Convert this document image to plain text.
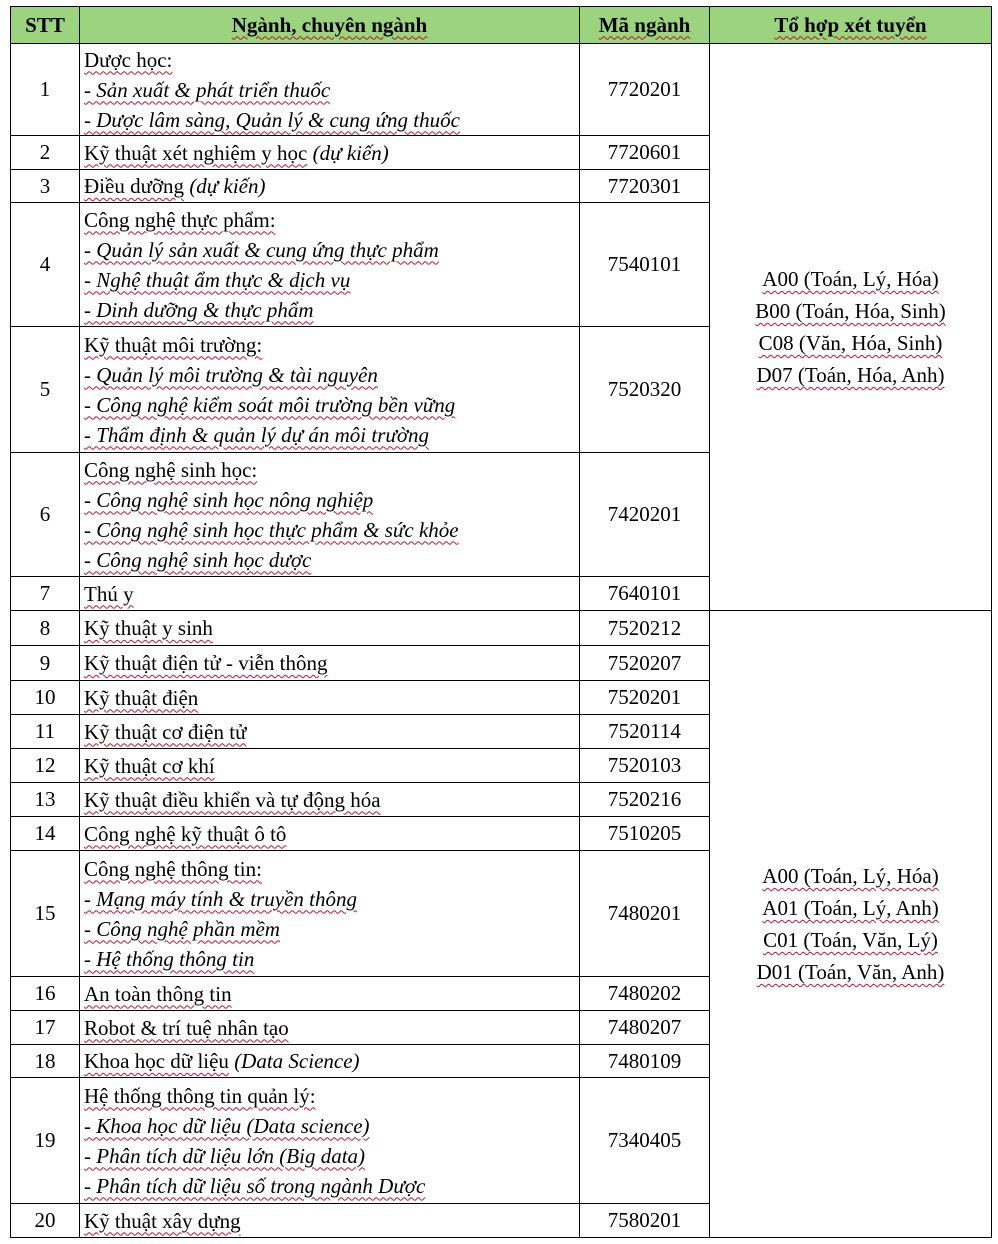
STT	Ngành, chuyên ngành	Mã ngành	Tổ hợp xét tuyển
1	Dược học:
- Sản xuất & phát triển thuốc
- Dược lâm sàng, Quản lý & cung ứng thuốc	7720201	A00 (Toán, Lý, Hóa)
B00 (Toán, Hóa, Sinh)
C08 (Văn, Hóa, Sinh)
D07 (Toán, Hóa, Anh)

2	Kỹ thuật xét nghiệm y học (dự kiến)	7720601	
3	Điều dưỡng (dự kiến)	7720301	
4	Công nghệ thực phẩm:
- Quản lý sản xuất & cung ứng thực phẩm
- Nghệ thuật ẩm thực & dịch vụ
- Dinh dưỡng & thực phẩm	7540101	
5	Kỹ thuật môi trường:
- Quản lý môi trường & tài nguyên
- Công nghệ kiểm soát môi trường bền vững
- Thẩm định & quản lý dự án môi trường	7520320	
6	Công nghệ sinh học:
- Công nghệ sinh học nông nghiệp
- Công nghệ sinh học thực phẩm & sức khỏe
- Công nghệ sinh học dược	7420201	
7	Thú y	7640101	
8	Kỹ thuật y sinh	7520212	A00 (Toán, Lý, Hóa)
A01 (Toán, Lý, Anh)
C01 (Toán, Văn, Lý)
D01 (Toán, Văn, Anh)

9	Kỹ thuật điện tử - viễn thông	7520207	
10	Kỹ thuật điện	7520201	
11	Kỹ thuật cơ điện tử	7520114	
12	Kỹ thuật cơ khí	7520103	
13	Kỹ thuật điều khiển và tự động hóa	7520216	
14	Công nghệ kỹ thuật ô tô	7510205	
15	Công nghệ thông tin:
- Mạng máy tính & truyền thông
- Công nghệ phần mềm
- Hệ thống thông tin	7480201	
16	An toàn thông tin	7480202	
17	Robot & trí tuệ nhân tạo	7480207	
18	Khoa học dữ liệu (Data Science)	7480109	
19	Hệ thống thông tin quản lý:
- Khoa học dữ liệu (Data science)
- Phân tích dữ liệu lớn (Big data)
- Phân tích dữ liệu số trong ngành Dược	7340405	
20	Kỹ thuật xây dựng	7580201	
